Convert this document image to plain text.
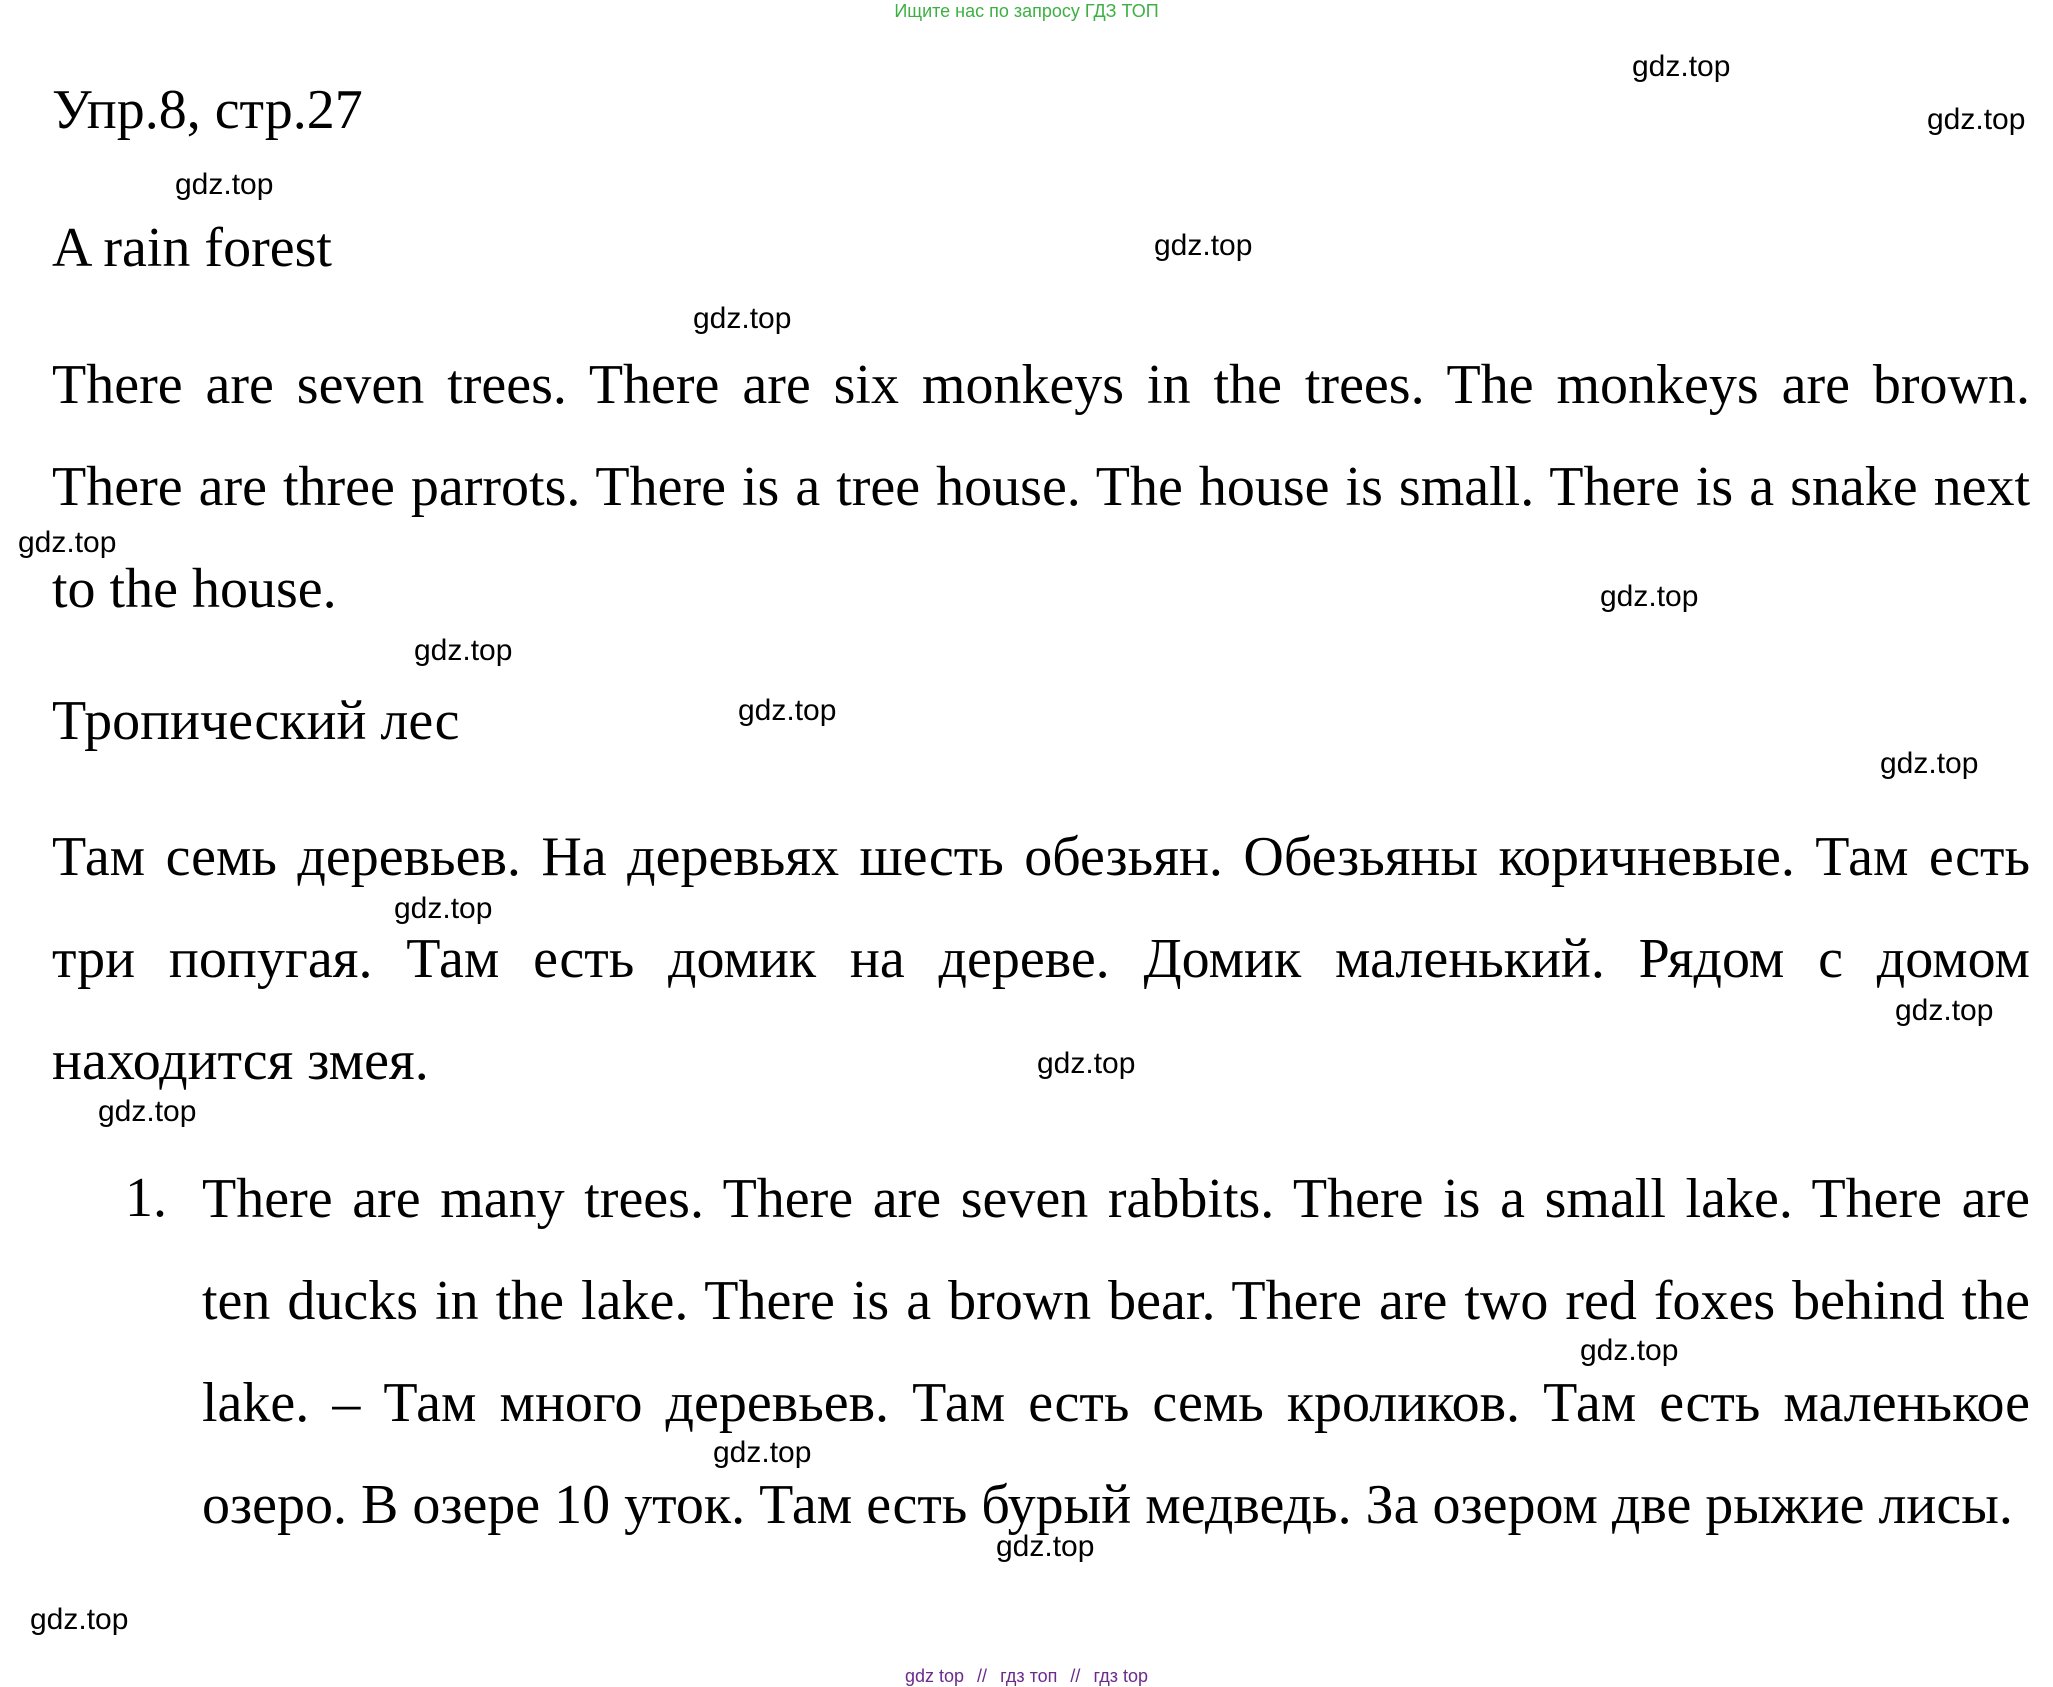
Ищите нас по запросу ГДЗ ТОП
Упр.8, стр.27
A rain forest
There are seven trees. There are six monkeys in the trees. The monkeys are brown. There are three parrots. There is a tree house. The house is small. There is a snake next to the house.
Тропический лес
Там семь деревьев. На деревьях шесть обезьян. Обезьяны коричневые. Там есть три попугая. Там есть домик на дереве. Домик маленький. Рядом с домом находится змея.
1. There are many trees. There are seven rabbits. There is a small lake. There are ten ducks in the lake. There is a brown bear. There are two red foxes behind the lake. – Там много деревьев. Там есть семь кроликов. Там есть маленькое озеро. В озере 10 уток. Там есть бурый медведь. За озером две рыжие лисы.
gdz.top
gdz.top
gdz.top
gdz.top
gdz.top
gdz.top
gdz.top
gdz.top
gdz.top
gdz.top
gdz.top
gdz.top
gdz.top
gdz.top
gdz.top
gdz.top
gdz.top
gdz.top
gdz top // гдз топ // гдз top
